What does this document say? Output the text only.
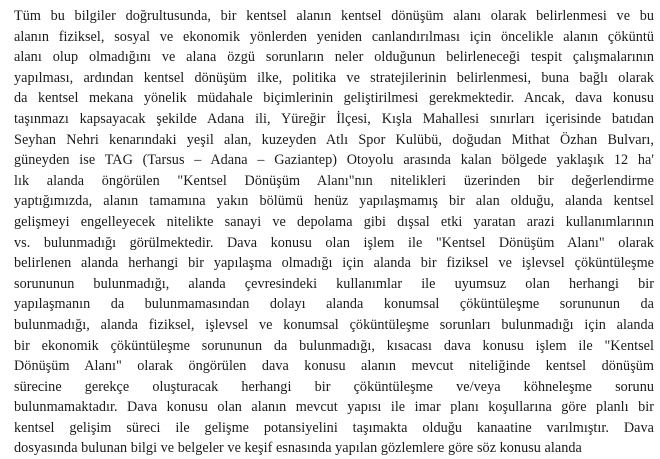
Tüm bu bilgiler doğrultusunda, bir kentsel alanın kentsel dönüşüm alanı olarak belirlenmesi ve bu
alanın fiziksel, sosyal ve ekonomik yönlerden yeniden canlandırılması için öncelikle alanın çöküntü
alanı olup olmadığını ve alana özgü sorunların neler olduğunun belirleneceği tespit çalışmalarının
yapılması, ardından kentsel dönüşüm ilke, politika ve stratejilerinin belirlenmesi, buna bağlı olarak
da kentsel mekana yönelik müdahale biçimlerinin geliştirilmesi gerekmektedir. Ancak, dava konusu
taşınmazı kapsayacak şekilde Adana ili, Yüreğir İlçesi, Kışla Mahallesi sınırları içerisinde batıdan
Seyhan Nehri kenarındaki yeşil alan, kuzeyden Atlı Spor Kulübü, doğudan Mithat Özhan Bulvarı,
güneyden ise TAG (Tarsus – Adana – Gaziantep) Otoyolu arasında kalan bölgede yaklaşık 12 ha'
lık alanda öngörülen "Kentsel Dönüşüm Alanı"nın nitelikleri üzerinden bir değerlendirme
yaptığımızda, alanın tamamına yakın bölümü henüz yapılaşmamış bir alan olduğu, alanda kentsel
gelişmeyi engelleyecek nitelikte sanayi ve depolama gibi dışsal etki yaratan arazi kullanımlarının
vs. bulunmadığı görülmektedir. Dava konusu olan işlem ile "Kentsel Dönüşüm Alanı" olarak
belirlenen alanda herhangi bir yapılaşma olmadığı için alanda bir fiziksel ve işlevsel çöküntüleşme
sorununun bulunmadığı, alanda çevresindeki kullanımlar ile uyumsuz olan herhangi bir
yapılaşmanın da bulunmamasından dolayı alanda konumsal çöküntüleşme sorununun da
bulunmadığı, alanda fiziksel, işlevsel ve konumsal çöküntüleşme sorunları bulunmadığı için alanda
bir ekonomik çöküntüleşme sorununun da bulunmadığı, kısacası dava konusu işlem ile "Kentsel
Dönüşüm Alanı" olarak öngörülen dava konusu alanın mevcut niteliğinde kentsel dönüşüm
sürecine gerekçe oluşturacak herhangi bir çöküntüleşme ve/veya köhneleşme sorunu
bulunmamaktadır. Dava konusu olan alanın mevcut yapısı ile imar planı koşullarına göre planlı bir
kentsel gelişim süreci ile gelişme potansiyelini taşımakta olduğu kanaatine varılmıştır. Dava
dosyasında bulunan bilgi ve belgeler ve keşif esnasında yapılan gözlemlere göre söz konusu alanda
